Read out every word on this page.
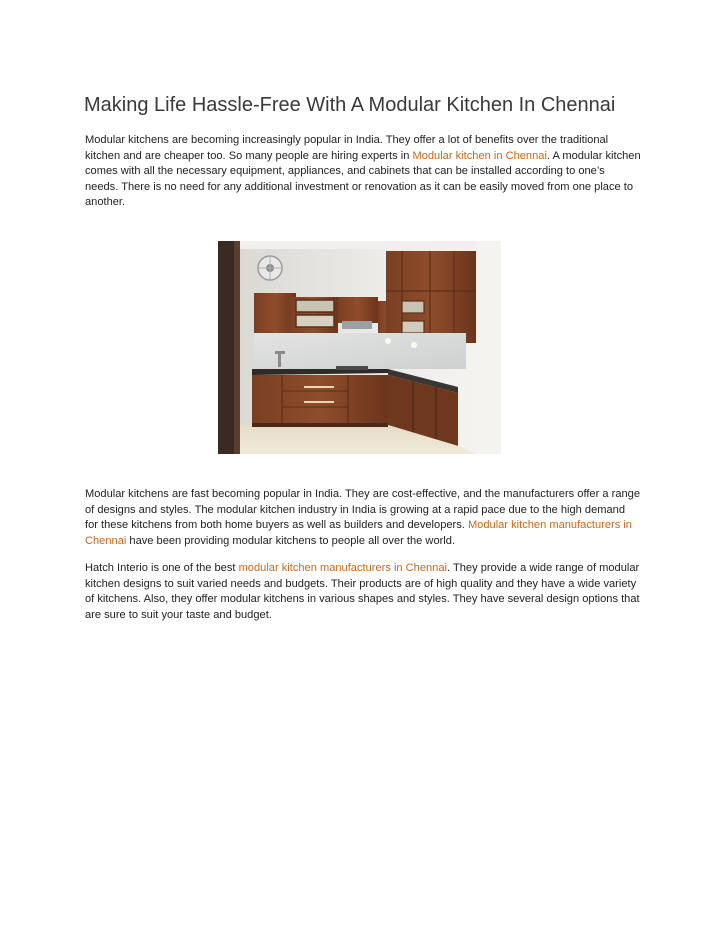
Making Life Hassle-Free With A Modular Kitchen In Chennai

Modular kitchens are becoming increasingly popular in India. They offer a lot of benefits over the traditional kitchen and are cheaper too. So many people are hiring experts in Modular kitchen in Chennai. A modular kitchen comes with all the necessary equipment, appliances, and cabinets that can be installed according to one’s needs. There is no need for any additional investment or renovation as it can be easily moved from one place to another.

Modular kitchens are fast becoming popular in India. They are cost-effective, and the manufacturers offer a range of designs and styles. The modular kitchen industry in India is growing at a rapid pace due to the high demand for these kitchens from both home buyers as well as builders and developers. Modular kitchen manufacturers in Chennai have been providing modular kitchens to people all over the world.

Hatch Interio is one of the best modular kitchen manufacturers in Chennai. They provide a wide range of modular kitchen designs to suit varied needs and budgets. Their products are of high quality and they have a wide variety of kitchens. Also, they offer modular kitchens in various shapes and styles. They have several design options that are sure to suit your taste and budget.
